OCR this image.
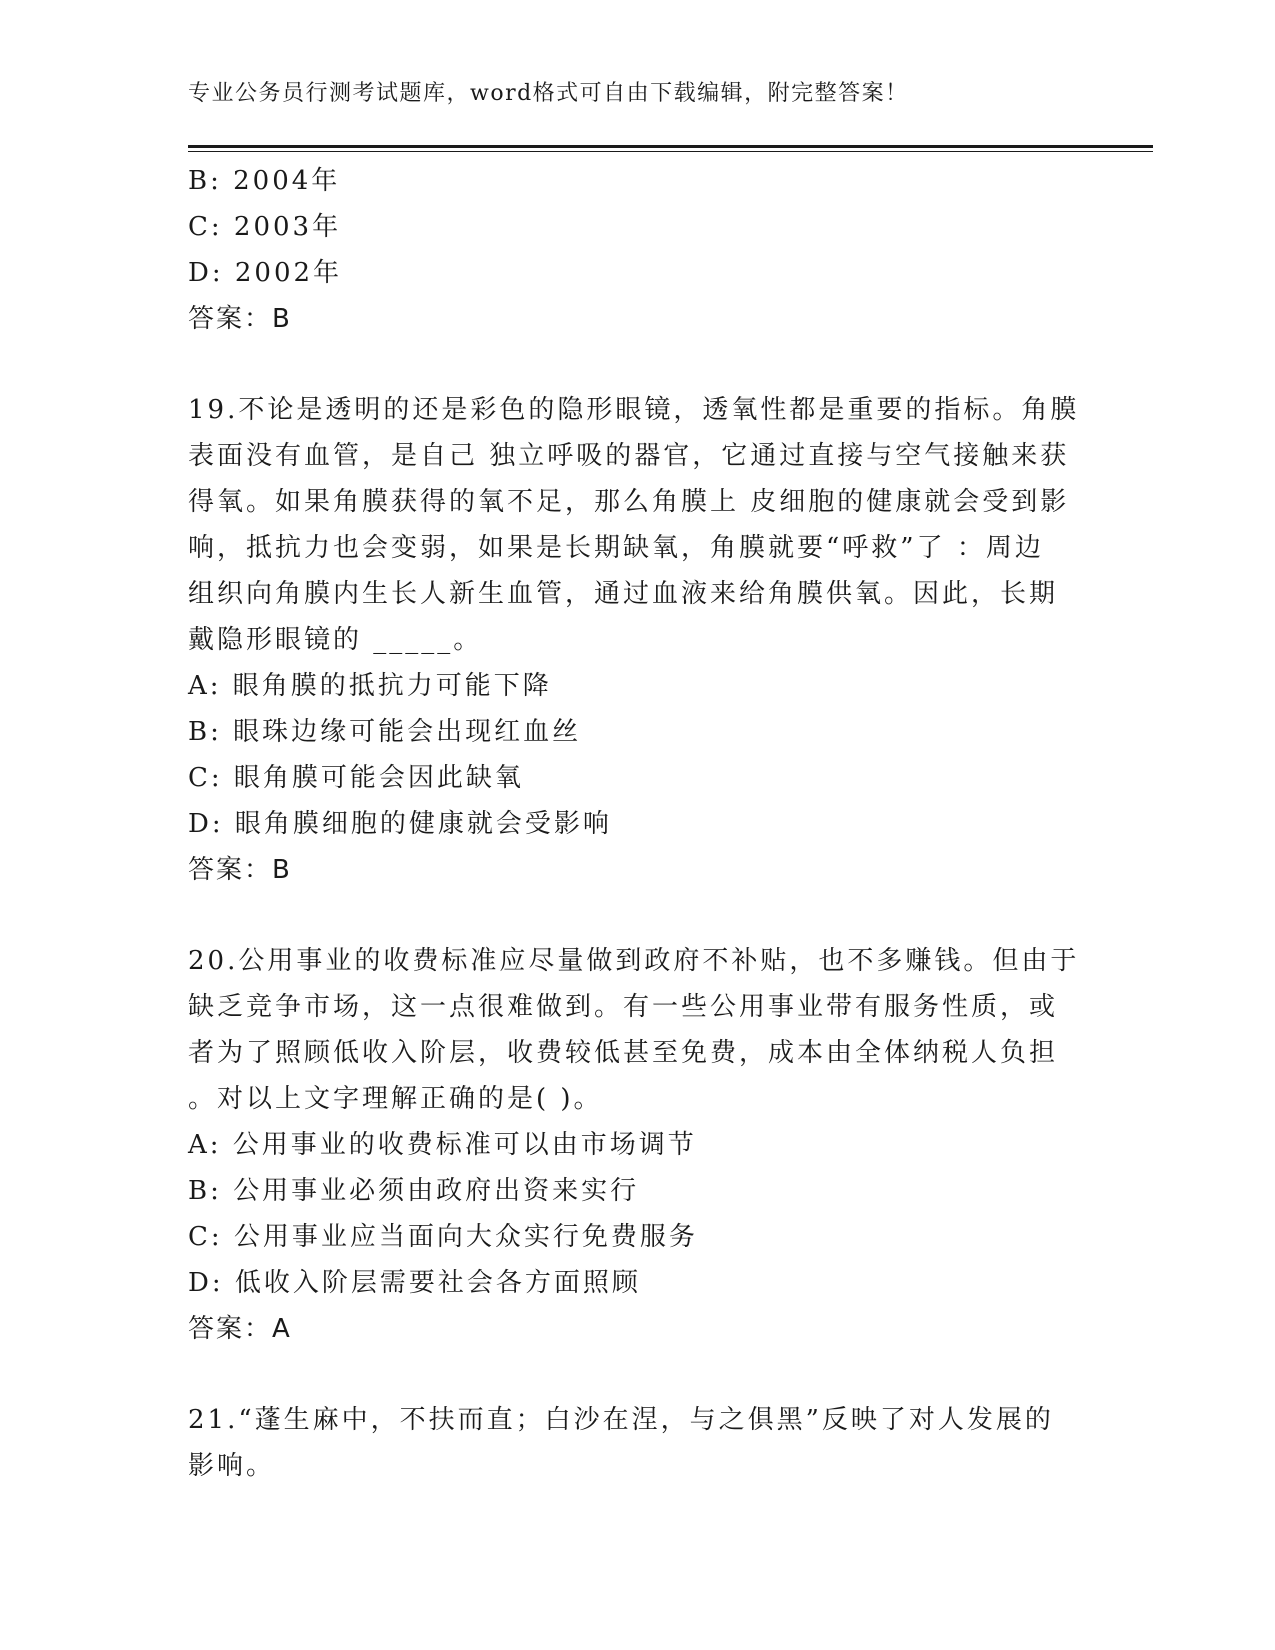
专业公务员行测考试题库，word格式可自由下载编辑，附完整答案！
B: 2004年
C: 2003年
D: 2002年
答案：B
19.不论是透明的还是彩色的隐形眼镜，透氧性都是重要的指标。角膜
表面没有血管，是自己 独立呼吸的器官，它通过直接与空气接触来获
得氧。如果角膜获得的氧不足，那么角膜上 皮细胞的健康就会受到影
响，抵抗力也会变弱，如果是长期缺氧，角膜就要“呼救”了 ：周边
组织向角膜内生长人新生血管，通过血液来给角膜供氧。因此，长期
戴隐形眼镜的 _____。
A: 眼角膜的抵抗力可能下降
B: 眼珠边缘可能会出现红血丝
C: 眼角膜可能会因此缺氧
D: 眼角膜细胞的健康就会受影响
答案：B
20.公用事业的收费标准应尽量做到政府不补贴，也不多赚钱。但由于
缺乏竞争市场，这一点很难做到。有一些公用事业带有服务性质，或
者为了照顾低收入阶层，收费较低甚至免费，成本由全体纳税人负担
。对以上文字理解正确的是( )。
A: 公用事业的收费标准可以由市场调节
B: 公用事业必须由政府出资来实行
C: 公用事业应当面向大众实行免费服务
D: 低收入阶层需要社会各方面照顾
答案：A
21.“蓬生麻中，不扶而直；白沙在涅，与之俱黑”反映了对人发展的
影响。
